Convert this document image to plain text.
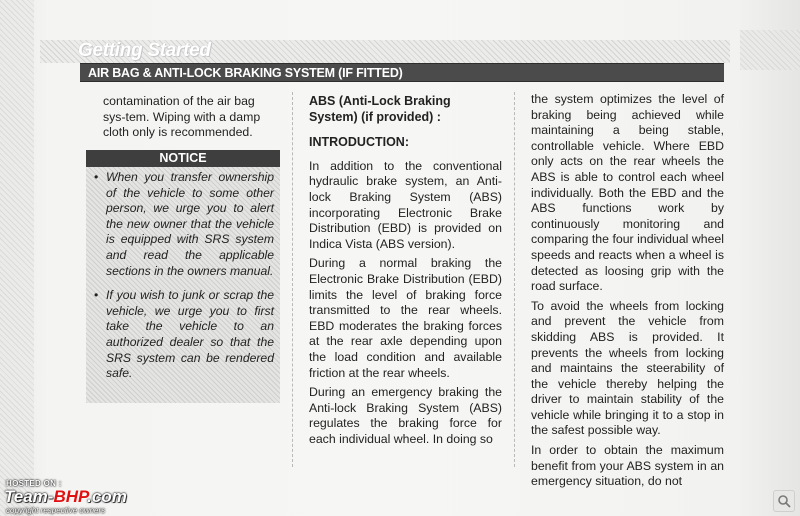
Getting Started
AIR BAG & ANTI-LOCK BRAKING SYSTEM (IF FITTED)

contamination of the air bag sys-tem. Wiping with a damp cloth only is recommended.

NOTICE
• When you transfer ownership of the vehicle to some other person, we urge you to alert the new owner that the vehicle is equipped with SRS system and read the applicable sections in the owners manual.
• If you wish to junk or scrap the vehicle, we urge you to first take the vehicle to an authorized dealer so that the SRS system can be rendered safe.

ABS (Anti-Lock Braking System) (if provided) :

INTRODUCTION:

In addition to the conventional hydraulic brake system, an Anti-lock Braking System (ABS) incorporating Electronic Brake Distribution (EBD) is provided on Indica Vista (ABS version).

During a normal braking the Electronic Brake Distribution (EBD) limits the level of braking force transmitted to the rear wheels. EBD moderates the braking forces at the rear axle depending upon the load condition and available friction at the rear wheels.

During an emergency braking the Anti-lock Braking System (ABS) regulates the braking force for each individual wheel. In doing so

the system optimizes the level of braking being achieved while maintaining a being stable, controllable vehicle. Where EBD only acts on the rear wheels the ABS is able to control each wheel individually. Both the EBD and the ABS functions work by continuously monitoring and comparing the four individual wheel speeds and reacts when a wheel is detected as loosing grip with the road surface.

To avoid the wheels from locking and prevent the vehicle from skidding ABS is provided. It prevents the wheels from locking and maintains the steerability of the vehicle thereby helping the driver to maintain stability of the vehicle while bringing it to a stop in the safest possible way.

In order to obtain the maximum benefit from your ABS system in an emergency situation, do not

HOSTED ON :
Team-BHP.com
copyright respective owners
